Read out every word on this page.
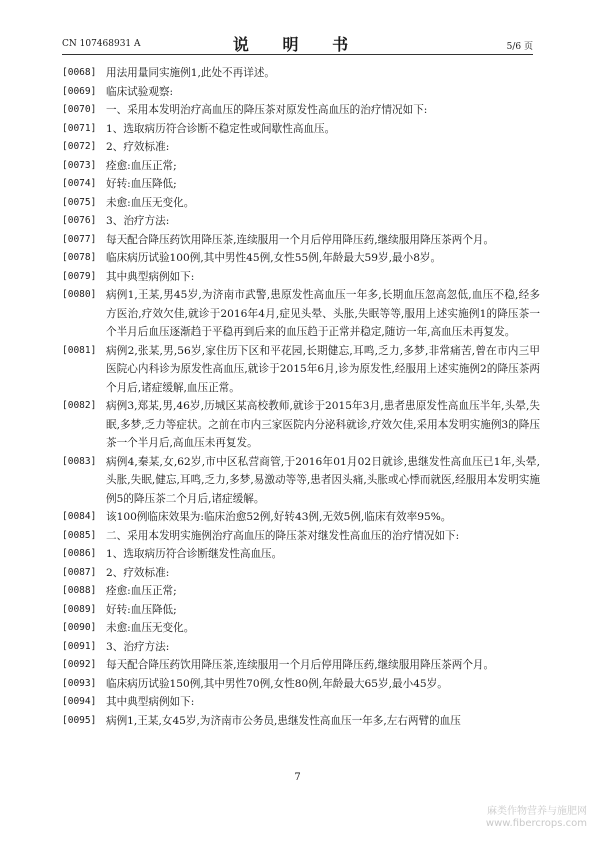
CN 107468931 A	说 明 书	5/6 页
[0068] 用法用量同实施例1,此处不再详述。
[0069] 临床试验观察:
[0070] 一、采用本发明治疗高血压的降压茶对原发性高血压的治疗情况如下:
[0071] 1、选取病历符合诊断不稳定性或间歇性高血压。
[0072] 2、疗效标准:
[0073] 痊愈:血压正常;
[0074] 好转:血压降低;
[0075] 未愈:血压无变化。
[0076] 3、治疗方法:
[0077] 每天配合降压药饮用降压茶,连续服用一个月后停用降压药,继续服用降压茶两个月。
[0078] 临床病历试验100例,其中男性45例,女性55例,年龄最大59岁,最小8岁。
[0079] 其中典型病例如下:
[0080] 病例1,王某,男45岁,为济南市武警,患原发性高血压一年多,长期血压忽高忽低,血压不稳,经多方医治,疗效欠佳,就诊于2016年4月,症见头晕、头胀,失眠等等,服用上述实施例1的降压茶一个半月后血压逐渐趋于平稳再到后来的血压趋于正常并稳定,随访一年,高血压未再复发。
[0081] 病例2,张某,男,56岁,家住历下区和平花园,长期健忘,耳鸣,乏力,多梦,非常痛苦,曾在市内三甲医院心内科诊为原发性高血压,就诊于2015年6月,诊为原发性,经服用上述实施例2的降压茶两个月后,诸症缓解,血压正常。
[0082] 病例3,郑某,男,46岁,历城区某高校教师,就诊于2015年3月,患者患原发性高血压半年,头晕,失眠,多梦,乏力等症状。之前在市内三家医院内分泌科就诊,疗效欠佳,采用本发明实施例3的降压茶一个半月后,高血压未再复发。
[0083] 病例4,秦某,女,62岁,市中区私营商管,于2016年01月02日就诊,患继发性高血压已1年,头晕,头胀,失眠,健忘,耳鸣,乏力,多梦,易激动等等,患者因头痛,头胀或心悸而就医,经服用本发明实施例5的降压茶二个月后,诸症缓解。
[0084] 该100例临床效果为:临床治愈52例,好转43例,无效5例,临床有效率95%。
[0085] 二、采用本发明实施例治疗高血压的降压茶对继发性高血压的治疗情况如下:
[0086] 1、选取病历符合诊断继发性高血压。
[0087] 2、疗效标准:
[0088] 痊愈:血压正常;
[0089] 好转:血压降低;
[0090] 未愈:血压无变化。
[0091] 3、治疗方法:
[0092] 每天配合降压药饮用降压茶,连续服用一个月后停用降压药,继续服用降压茶两个月。
[0093] 临床病历试验150例,其中男性70例,女性80例,年龄最大65岁,最小45岁。
[0094] 其中典型病例如下:
[0095] 病例1,王某,女45岁,为济南市公务员,患继发性高血压一年多,左右两臂的血压
7
麻类作物营养与施肥网
www.fibercrops.com
